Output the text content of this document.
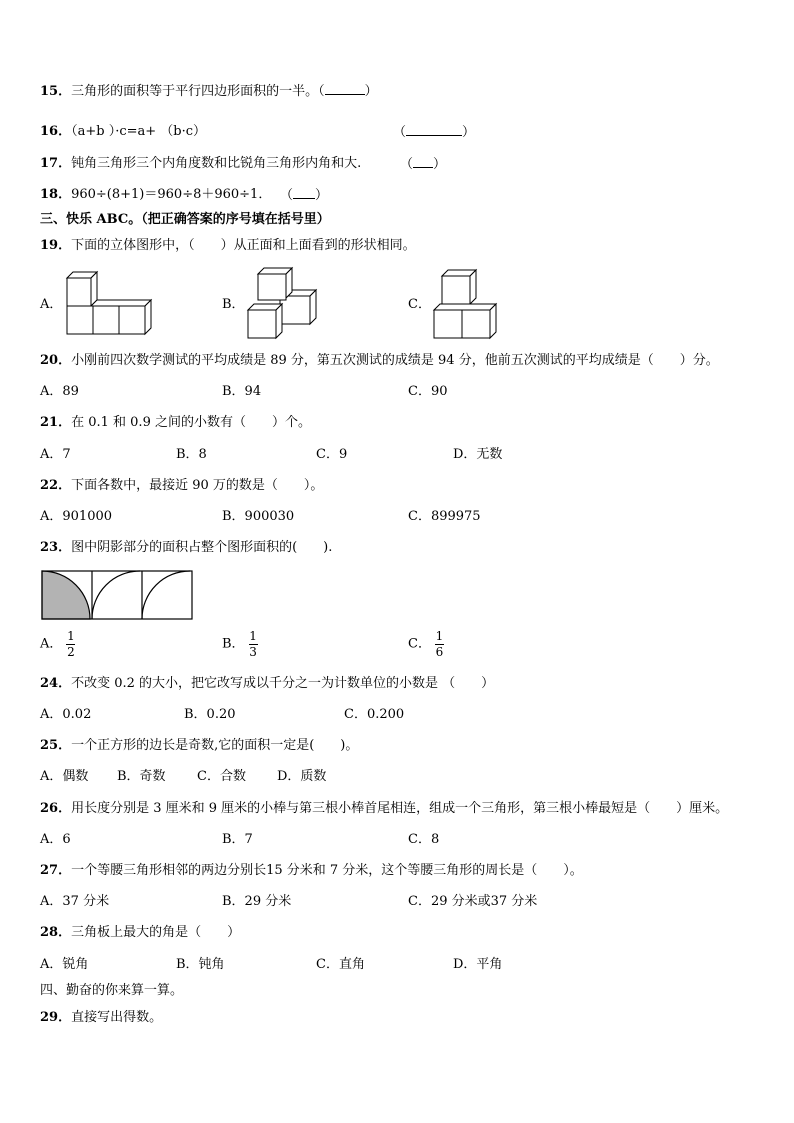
15．三角形的面积等于平行四边形面积的一半。（	）
16．（a+b ）·c=a+ （b·c）	（	）
17．钝角三角形三个内角度数和比锐角三角形内角和大.	（ ）
18．960÷(8+1)＝960÷8＋960÷1． （ ）
三、快乐 ABC。（把正确答案的序号填在括号里）
19．下面的立体图形中，（　　）从正面和上面看到的形状相同。
A．	B．	C．
20．小刚前四次数学测试的平均成绩是 89 分，第五次测试的成绩是 94 分，他前五次测试的平均成绩是（　　）分。
A．89	B．94	C．90
21．在 0.1 和 0.9 之间的小数有（　　）个。
A．7	B．8	C．9	D．无数
22．下面各数中，最接近 90 万的数是（　　）。
A．901000	B．900030	C．899975
23．图中阴影部分的面积占整个图形面积的(　　).
A． $\frac{1}{2}$	B． $\frac{1}{3}$	C． $\frac{1}{6}$
24．不改变 0.2 的大小，把它改写成以千分之一为计数单位的小数是 （　　）
A．0.02	B．0.20	C．0.200
25．一个正方形的边长是奇数,它的面积一定是(　　)。
A．偶数 B．奇数 C．合数 D．质数
26．用长度分别是 3 厘米和 9 厘米的小棒与第三根小棒首尾相连，组成一个三角形，第三根小棒最短是（　　）厘米。
A．6	B．7	C．8
27．一个等腰三角形相邻的两边分别长15 分米和 7 分米，这个等腰三角形的周长是（　　）。
A．37 分米	B．29 分米	C．29 分米或37 分米
28．三角板上最大的角是（　　）
A．锐角	B．钝角	C．直角	D．平角
四、勤奋的你来算一算。
29．直接写出得数。
